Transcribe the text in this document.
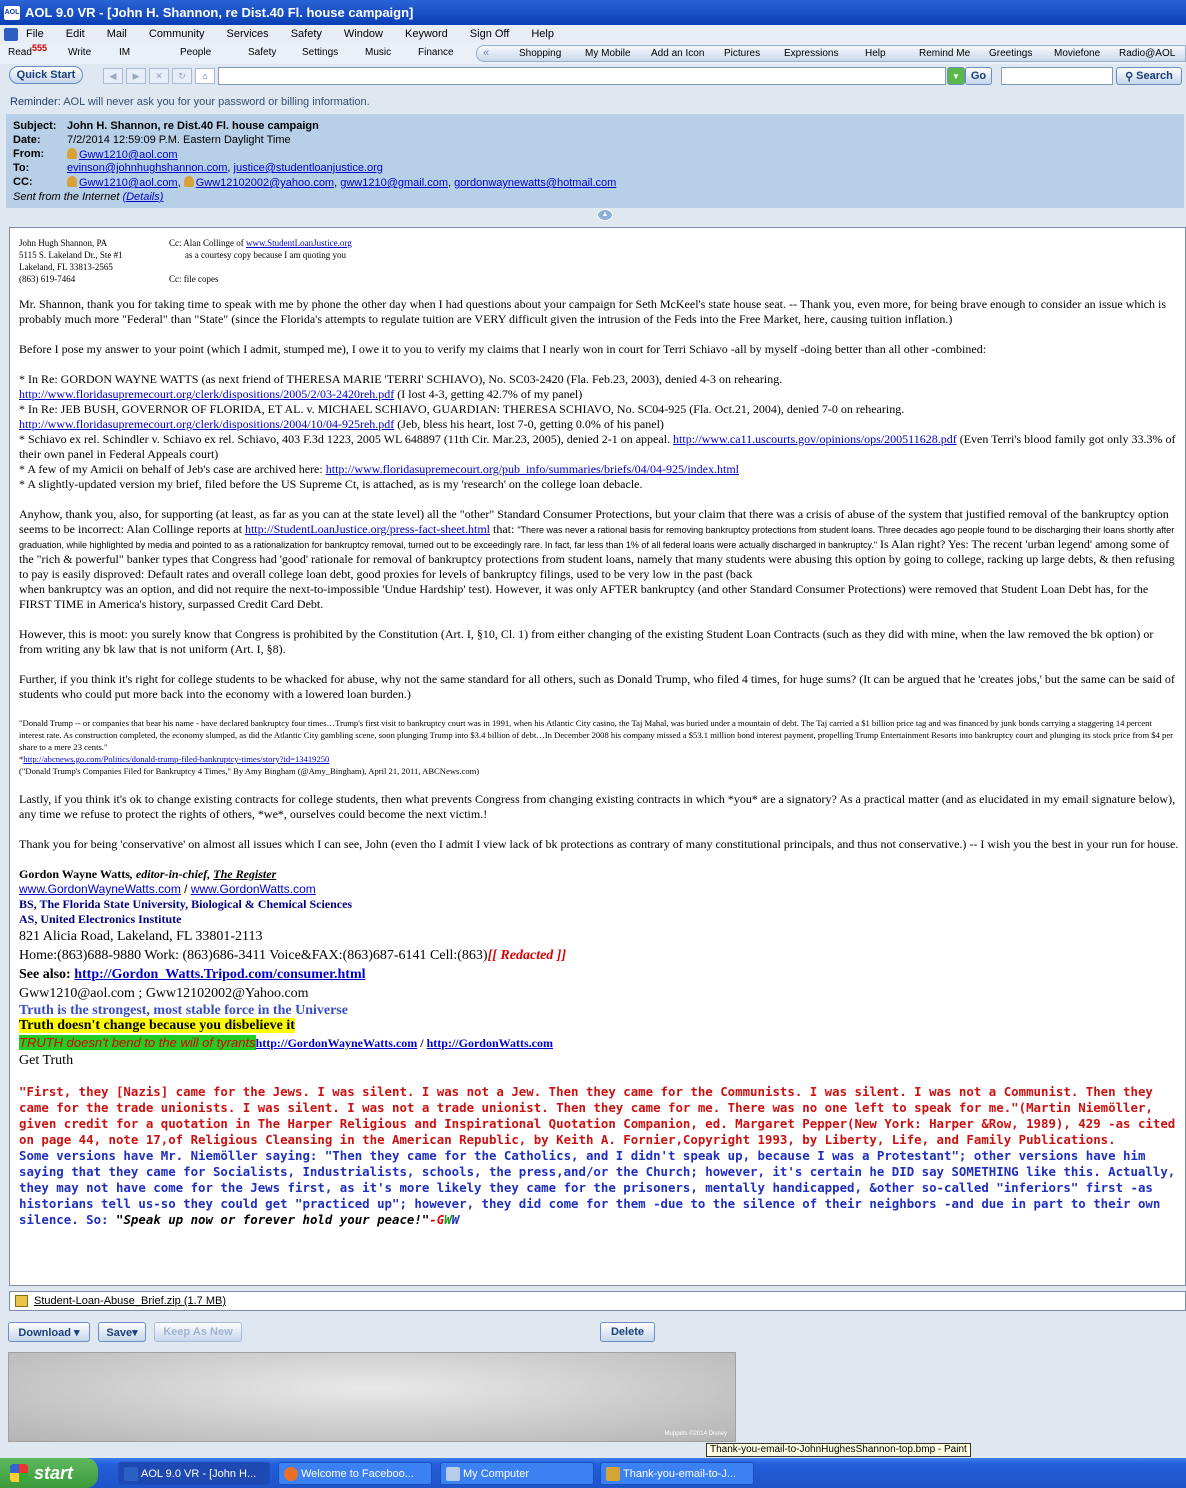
AOL AOL 9.0 VR - [John H. Shannon, re Dist.40 Fl. house campaign]
File Edit Mail Community Services Safety Window Keyword Sign Off Help
Read 555 Write	IM	People	Safety	Settings	Music	Finance	«	Shopping My Mobile Add an Icon Pictures Expressions	Help	Remind Me Greetings Moviefone Radio@AOL
Quick Start	◀	▶	✕	↻	⌂	▼ Go	⚲ Search
Reminder: AOL will never ask you for your password or billing information.
Subject: John H. Shannon, re Dist.40 Fl. house campaign
Date:	7/2/2014 12:59:09 P.M. Eastern Daylight Time
From:	Gww1210@aol.com
To:	evinson@johnhughshannon.com, justice@studentloanjustice.org
CC:	Gww1210@aol.com, Gww12102002@yahoo.com, gww1210@gmail.com, gordonwaynewatts@hotmail.com
Sent from the Internet
(Details)
▲
John Hugh Shannon, PA
5115 S. Lakeland Dr., Ste #1
Lakeland, FL 33813-2565
(863) 619-7464
Cc: Alan Collinge of www.StudentLoanJustice.org
as a courtesy copy because I am quoting you
Cc: file copes
Mr. Shannon, thank you for taking time to speak with me by phone the other day when I had questions about your campaign for Seth McKeel's state house seat. -- Thank you, even more, for being brave enough to consider an issue which is probably much more "Federal" than "State" (since the Florida's attempts to regulate tuition are VERY difficult given the intrusion of the Feds into the Free Market, here, causing tuition inflation.)
Before I pose my answer to your point (which I admit, stumped me), I owe it to you to verify my claims that I nearly won in court for Terri Schiavo -all by myself -doing better than all other -combined:
* In Re: GORDON WAYNE WATTS (as next friend of THERESA MARIE 'TERRI' SCHIAVO), No. SC03-2420 (Fla. Feb.23, 2003), denied 4-3 on rehearing.
http://www.floridasupremecourt.org/clerk/dispositions/2005/2/03-2420reh.pdf (I lost 4-3, getting 42.7% of my panel)
* In Re: JEB BUSH, GOVERNOR OF FLORIDA, ET AL. v. MICHAEL SCHIAVO, GUARDIAN: THERESA SCHIAVO, No. SC04-925 (Fla. Oct.21, 2004), denied 7-0 on rehearing.
http://www.floridasupremecourt.org/clerk/dispositions/2004/10/04-925reh.pdf (Jeb, bless his heart, lost 7-0, getting 0.0% of his panel)
* Schiavo ex rel. Schindler v. Schiavo ex rel. Schiavo, 403 F.3d 1223, 2005 WL 648897 (11th Cir. Mar.23, 2005), denied 2-1 on appeal. http://www.ca11.uscourts.gov/opinions/ops/200511628.pdf (Even Terri's blood family got only 33.3% of their own panel in Federal Appeals court)
* A few of my Amicii on behalf of Jeb's case are archived here: http://www.floridasupremecourt.org/pub_info/summaries/briefs/04/04-925/index.html
* A slightly-updated version my brief, filed before the US Supreme Ct, is attached, as is my 'research' on the college loan debacle.
Anyhow, thank you, also, for supporting (at least, as far as you can at the state level) all the "other" Standard Consumer Protections, but your claim that there was a crisis of abuse of the system that justified removal of the bankruptcy option seems to be incorrect: Alan Collinge reports at http://StudentLoanJustice.org/press-fact-sheet.html that: "There was never a rational basis for removing bankruptcy protections from student loans. Three decades ago people found to be discharging their loans shortly after graduation, while highlighted by media and pointed to as a rationalization for bankruptcy removal, turned out to be exceedingly rare. In fact, far less than 1% of all federal loans were actually discharged in bankruptcy." Is Alan right? Yes: The recent 'urban legend' among some of the "rich & powerful" banker types that Congress had 'good' rationale for removal of bankruptcy protections from student loans, namely that many students were abusing this option by going to college, racking up large debts, & then refusing to pay is easily disproved: Default rates and overall college loan debt, good proxies for levels of bankruptcy filings, used to be very low in the past (back
when bankruptcy was an option, and did not require the next-to-impossible 'Undue Hardship' test). However, it was only AFTER bankruptcy (and other Standard Consumer Protections) were removed that Student Loan Debt has, for the FIRST TIME in America's history, surpassed Credit Card Debt.
However, this is moot: you surely know that Congress is prohibited by the Constitution (Art. I, §10, Cl. 1) from either changing of the existing Student Loan Contracts (such as they did with mine, when the law removed the bk option) or from writing any bk law that is not uniform (Art. I, §8).
Further, if you think it's right for college students to be whacked for abuse, why not the same standard for all others, such as Donald Trump, who filed 4 times, for huge sums? (It can be argued that he 'creates jobs,' but the same can be said of students who could put more back into the economy with a lowered loan burden.)
"Donald Trump -- or companies that bear his name - have declared bankruptcy four times…Trump's first visit to bankruptcy court was in 1991, when his Atlantic City casino, the Taj Mahal, was buried under a mountain of debt. The Taj carried a $1 billion price tag and was financed by junk bonds carrying a staggering 14 percent interest rate. As construction completed, the economy slumped, as did the Atlantic City gambling scene, soon plunging Trump into $3.4 billion of debt…In December 2008 his company missed a $53.1 million bond interest payment, propelling Trump Entertainment Resorts into bankruptcy court and plunging its stock price from $4 per share to a mere 23 cents."
*http://abcnews.go.com/Politics/donald-trump-filed-bankruptcy-times/story?id=13419250
("Donald Trump's Companies Filed for Bankruptcy 4 Times," By Amy Bingham (@Amy_Bingham), April 21, 2011, ABCNews.com)
Lastly, if you think it's ok to change existing contracts for college students, then what prevents Congress from changing existing contracts in which *you* are a signatory? As a practical matter (and as elucidated in my email signature below), any time we refuse to protect the rights of others, *we*, ourselves could become the next victim.!
Thank you for being 'conservative' on almost all issues which I can see, John (even tho I admit I view lack of bk protections as contrary of many constitutional principals, and thus not conservative.) -- I wish you the best in your run for house.
Gordon Wayne Watts, editor-in-chief, The Register
www.GordonWayneWatts.com / www.GordonWatts.com
BS, The Florida State University, Biological & Chemical Sciences
AS, United Electronics Institute
821 Alicia Road, Lakeland, FL 33801-2113
Home:(863)688-9880 Work: (863)686-3411 Voice&FAX:(863)687-6141 Cell:(863)[[ Redacted ]]
See also: http://Gordon_Watts.Tripod.com/consumer.html
Gww1210@aol.com ; Gww12102002@Yahoo.com
Truth is the strongest, most stable force in the Universe
Truth doesn't change because you disbelieve it
TRUTH doesn't bend to the will of tyrantshttp://GordonWayneWatts.com / http://GordonWatts.com
Get Truth
"First, they [Nazis] came for the Jews. I was silent. I was not a Jew. Then they came for the Communists. I was silent. I was not a Communist. Then they came for the trade unionists. I was silent. I was not a trade unionist. Then they came for me. There was no one left to speak for me."(Martin Niemöller, given credit for a quotation in The Harper Religious and Inspirational Quotation Companion, ed. Margaret Pepper(New York: Harper &Row, 1989), 429 -as cited on page 44, note 17,of Religious Cleansing in the American Republic, by Keith A. Fornier,Copyright 1993, by Liberty, Life, and Family Publications.
Some versions have Mr. Niemöller saying: "Then they came for the Catholics, and I didn't speak up, because I was a Protestant"; other versions have him saying that they came for Socialists, Industrialists, schools, the press,and/or the Church; however, it's certain he DID say SOMETHING like this. Actually, they may not have come for the Jews first, as it's more likely they came for the prisoners, mentally handicapped, &other so-called "inferiors" first -as historians tell us-so they could get "practiced up"; however, they did come for them -due to the silence of their neighbors -and due in part to their own silence. So: "Speak up now or forever hold your peace!"-GWW
Student-Loan-Abuse_Brief.zip (1.7 MB)
Download ▾	Save▾	Keep As New	Delete
Muppets ©2014 Disney
Thank-you-email-to-JohnHughesShannon-top.bmp - Paint
start	AOL 9.0 VR - [John H...	Welcome to Faceboo...	My Computer	Thank-you-email-to-J...
